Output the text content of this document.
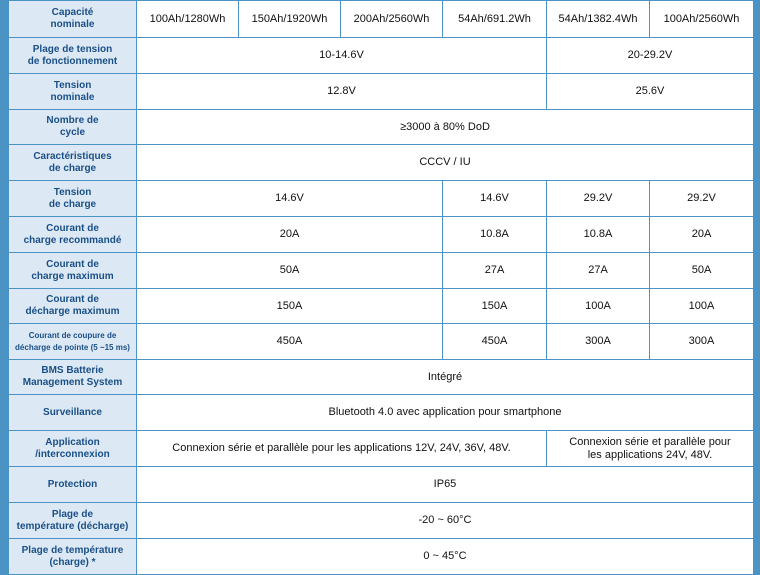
Capacité
nominale	100Ah/1280Wh	150Ah/1920Wh	200Ah/2560Wh	54Ah/691.2Wh	54Ah/1382.4Wh	100Ah/2560Wh
Plage de tension
de fonctionnement	10-14.6V				20-29.2V	
Tension
nominale	12.8V				25.6V	
Nombre de
cycle	≥3000 à 80% DoD					
Caractéristiques
de charge	CCCV / IU					
Tension
de charge	14.6V			14.6V	29.2V	29.2V
Courant de
charge recommandé	20A			10.8A	10.8A	20A
Courant de
charge maximum	50A			27A	27A	50A
Courant de
décharge maximum	150A			150A	100A	100A
Courant de coupure de
décharge de pointe (5 ~15 ms)	450A			450A	300A	300A
BMS Batterie
Management System	Intégré					
Surveillance	Bluetooth 4.0 avec application pour smartphone					
Application
/interconnexion	Connexion série et parallèle pour les applications 12V, 24V, 36V, 48V.				Connexion série et parallèle pour
les applications 24V, 48V.	
Protection	IP65					
Plage de
température (décharge)	-20 ~ 60°C					
Plage de température
(charge) *	0 ~ 45°C					
